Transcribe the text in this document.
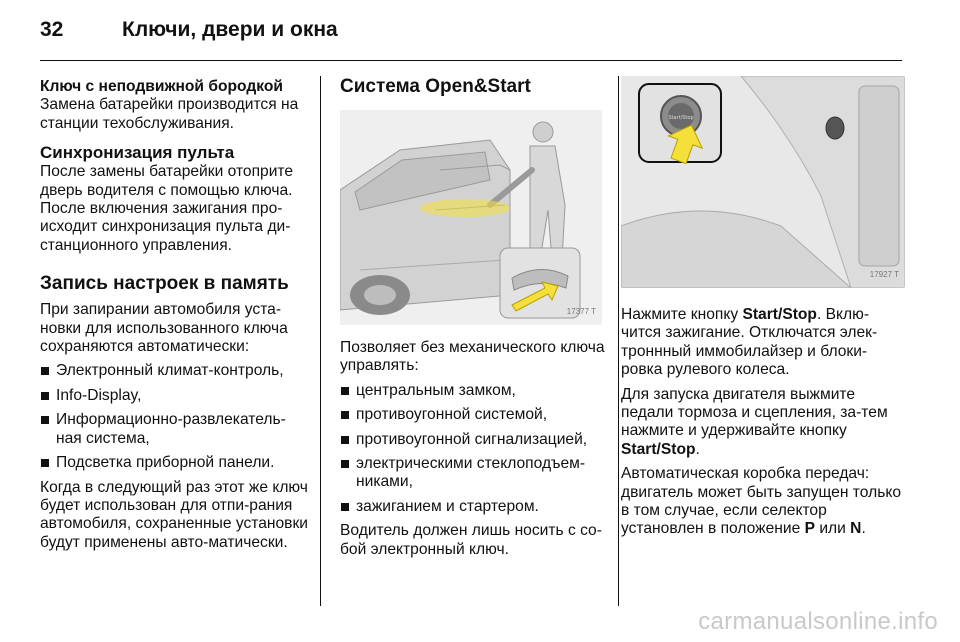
32	Ключи, двери и окна

Ключ с неподвижной бородкой

Замена батарейки производится на станции техобслуживания.

Синхронизация пульта

После замены батарейки отоприте дверь водителя с помощью ключа. После включения зажигания про-исходит синхронизация пульта ди-станционного управления.

Запись настроек в память

При запирании автомобиля уста-новки для использованного ключа сохраняются автоматически:

Электронный климат-контроль,
Info-Display,
Информационно-развлекатель-ная система,
Подсветка приборной панели.

Когда в следующий раз этот же ключ будет использован для отпи-рания автомобиля, сохраненные установки будут применены авто-матически.

Система Open&Start

17377 T

Позволяет без механического ключа управлять:

центральным замком,
противоугонной системой,
противоугонной сигнализацией,
электрическими стеклоподъем-никами,
зажиганием и стартером.

Водитель должен лишь носить с со-бой электронный ключ.

Start/Stop
17927 T

Нажмите кнопку Start/Stop. Вклю-чится зажигание. Отключатся элек-троннный иммобилайзер и блоки-ровка рулевого колеса.

Для запуска двигателя выжмите педали тормоза и сцепления, за-тем нажмите и удерживайте кнопку Start/Stop.

Автоматическая коробка передач: двигатель может быть запущен только в том случае, если селектор установлен в положение P или N.

carmanualsonline.info
